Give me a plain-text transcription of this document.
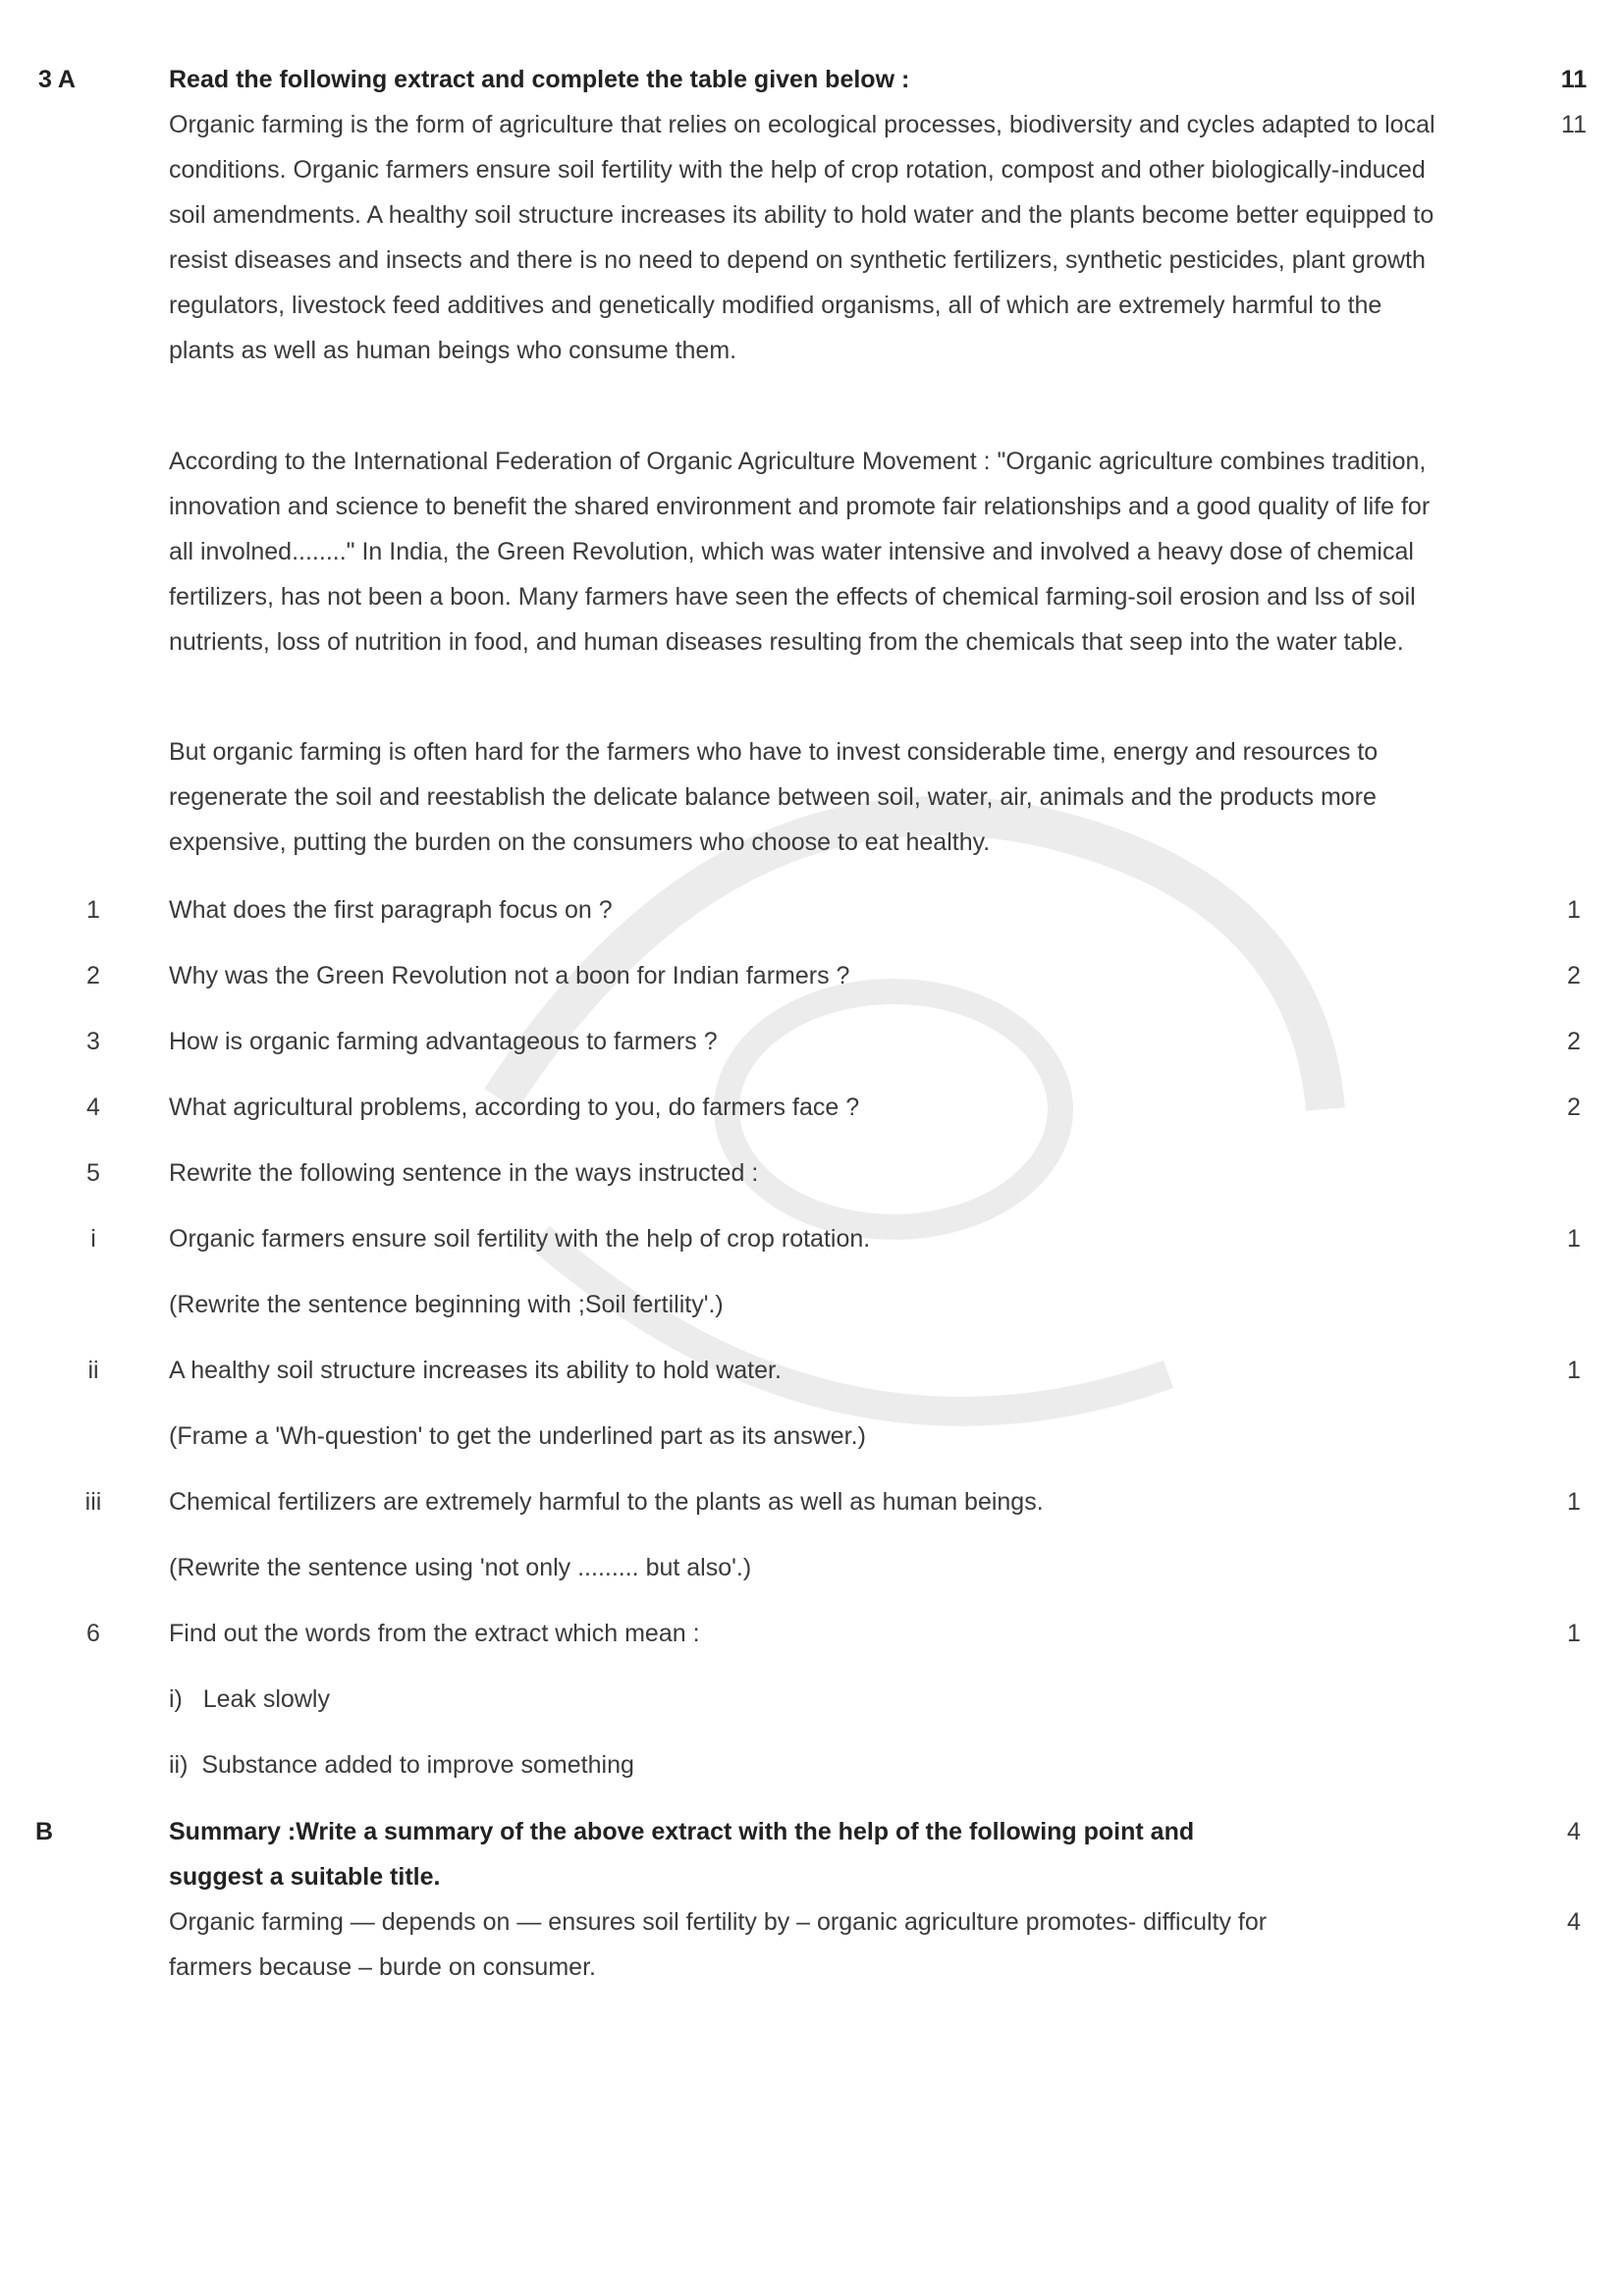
3 A	Read the following extract and complete the table given below :	11
11

Organic farming is the form of agriculture that relies on ecological processes, biodiversity and cycles adapted to local conditions. Organic farmers ensure soil fertility with the help of crop rotation, compost and other biologically-induced soil amendments. A healthy soil structure increases its ability to hold water and the plants become better equipped to resist diseases and insects and there is no need to depend on synthetic fertilizers, synthetic pesticides, plant growth regulators, livestock feed additives and genetically modified organisms, all of which are extremely harmful to the plants as well as human beings who consume them.

According to the International Federation of Organic Agriculture Movement : "Organic agriculture combines tradition, innovation and science to benefit the shared environment and promote fair relationships and a good quality of life for all involned........" In India, the Green Revolution, which was water intensive and involved a heavy dose of chemical fertilizers, has not been a boon. Many farmers have seen the effects of chemical farming-soil erosion and lss of soil nutrients, loss of nutrition in food, and human diseases resulting from the chemicals that seep into the water table.

But organic farming is often hard for the farmers who have to invest considerable time, energy and resources to regenerate the soil and reestablish the delicate balance between soil, water, air, animals and the products more expensive, putting the burden on the consumers who choose to eat healthy.

1	What does the first paragraph focus on ?	1
2	Why was the Green Revolution not a boon for Indian farmers ?	2
3	How is organic farming advantageous to farmers ?	2
4	What agricultural problems, according to you, do farmers face ?	2
5	Rewrite the following sentence in the ways instructed :
i	Organic farmers ensure soil fertility with the help of crop rotation.	1
(Rewrite the sentence beginning with ;Soil fertility'.)
ii	A healthy soil structure increases its ability to hold water.	1
(Frame a 'Wh-question' to get the underlined part as its answer.)
iii	Chemical fertilizers are extremely harmful to the plants as well as human beings.	1
(Rewrite the sentence using 'not only ......... but also'.)
6	Find out the words from the extract which mean :	1
i)   Leak slowly
ii)  Substance added to improve something
B	Summary :Write a summary of the above extract with the help of the following point and	4
suggest a suitable title.
Organic farming — depends on — ensures soil fertility by – organic agriculture promotes- difficulty for	4
farmers because – burde on consumer.
